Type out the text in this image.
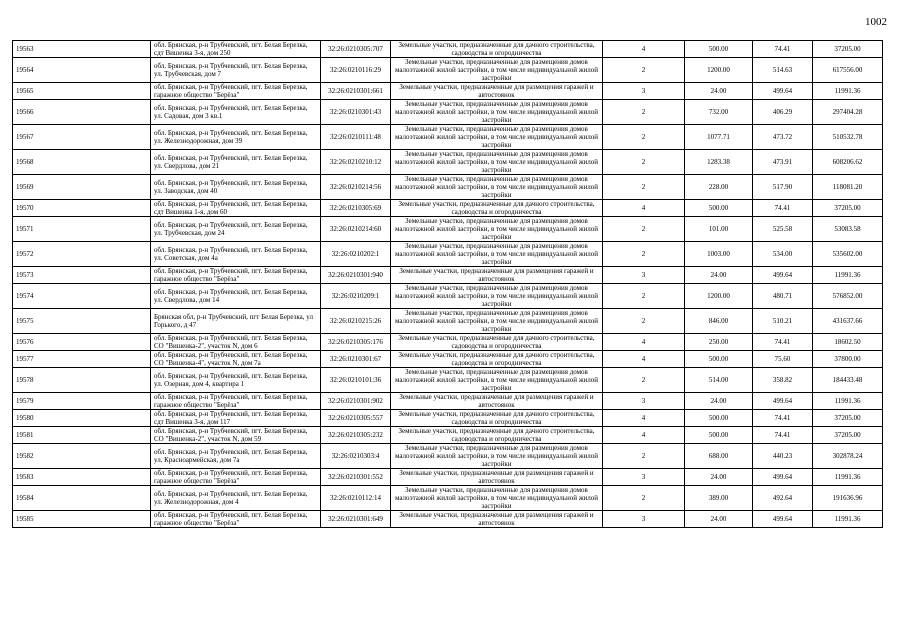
1002
19563	обл. Брянская, р-н Трубчевский, пгт. Белая Березка, сдт Вишенка 3-я, дом 250	32:26:0210305:707	Земельные участки, предназначенные для дачного строительства, садоводства и огородничества	4	500.00	74.41	37205.00
19564	обл. Брянская, р-н Трубчевский, пгт. Белая Березка, ул. Трубчевская, дом 7	32:26:0210116:29	Земельные участки, предназначенные для размещения домов малоэтажной жилой застройки, в том числе индивидуальной жилой застройки	2	1200.00	514.63	617556.00
19565	обл. Брянская, р-н Трубчевский, пгт. Белая Березка, гаражное общество "Берёза"	32:26:0210301:661	Земельные участки, предназначенные для размещения гаражей и автостоянок	3	24.00	499.64	11991.36
19566	обл. Брянская, р-н Трубчевский, пгт. Белая Березка, ул. Садовая, дом 3 кв.1	32:26:0210301:43	Земельные участки, предназначенные для размещения домов малоэтажной жилой застройки, в том числе индивидуальной жилой застройки	2	732.00	406.29	297404.28
19567	обл. Брянская, р-н Трубчевский, пгт. Белая Березка, ул. Железнодорожная, дом 39	32:26:0210111:48	Земельные участки, предназначенные для размещения домов малоэтажной жилой застройки, в том числе индивидуальной жилой застройки	2	1077.71	473.72	510532.78
19568	обл. Брянская, р-н Трубчевский, пгт. Белая Березка, ул. Свердлова, дом 21	32:26:0210210:12	Земельные участки, предназначенные для размещения домов малоэтажной жилой застройки, в том числе индивидуальной жилой застройки	2	1283.38	473.91	608206.62
19569	обл. Брянская, р-н Трубчевский, пгт. Белая Березка, ул. Заводская, дом 40	32:26:0210214:56	Земельные участки, предназначенные для размещения домов малоэтажной жилой застройки, в том числе индивидуальной жилой застройки	2	228.00	517.90	118081.20
19570	обл. Брянская, р-н Трубчевский, пгт. Белая Березка, сдт Вишенка 1-я, дом 60	32:26:0210305:69	Земельные участки, предназначенные для дачного строительства, садоводства и огородничества	4	500.00	74.41	37205.00
19571	обл. Брянская, р-н Трубчевский, пгт. Белая Березка, ул. Трубчевская, дом 24	32:26:0210214:60	Земельные участки, предназначенные для размещения домов малоэтажной жилой застройки, в том числе индивидуальной жилой застройки	2	101.00	525.58	53083.58
19572	обл. Брянская, р-н Трубчевский, пгт. Белая Березка, ул. Советская, дом 4а	32:26:0210202:1	Земельные участки, предназначенные для размещения домов малоэтажной жилой застройки, в том числе индивидуальной жилой застройки	2	1003.00	534.00	535602.00
19573	обл. Брянская, р-н Трубчевский, пгт. Белая Березка, гаражное общество "Берёза"	32:26:0210301:940	Земельные участки, предназначенные для размещения гаражей и автостоянок	3	24.00	499.64	11991.36
19574	обл. Брянская, р-н Трубчевский, пгт. Белая Березка, ул. Свердлова, дом 14	32:26:0210209:1	Земельные участки, предназначенные для размещения домов малоэтажной жилой застройки, в том числе индивидуальной жилой застройки	2	1200.00	480.71	576852.00
19575	Брянская обл, р-н Трубчевский, пгт Белая Березка, ул Горького, д 47	32:26:0210215:26	Земельные участки, предназначенные для размещения домов малоэтажной жилой застройки, в том числе индивидуальной жилой застройки	2	846.00	510.21	431637.66
19576	обл. Брянская, р-н Трубчевский, пгт. Белая Березка, СО "Вишенка-2", участок N, дом 6	32:26:0210305:176	Земельные участки, предназначенные для дачного строительства, садоводства и огородничества	4	250.00	74.41	18602.50
19577	обл. Брянская, р-н Трубчевский, пгт. Белая Березка, СО "Вишенка-4", участок N, дом 7а	32:26:0210301:67	Земельные участки, предназначенные для дачного строительства, садоводства и огородничества	4	500.00	75.60	37800.00
19578	обл. Брянская, р-н Трубчевский, пгт. Белая Березка, ул. Озерная, дом 4, квартира 1	32:26:0210101:36	Земельные участки, предназначенные для размещения домов малоэтажной жилой застройки, в том числе индивидуальной жилой застройки	2	514.00	358.82	184433.48
19579	обл. Брянская, р-н Трубчевский, пгт. Белая Березка, гаражное общество "Берёза"	32:26:0210301:902	Земельные участки, предназначенные для размещения гаражей и автостоянок	3	24.00	499.64	11991.36
19580	обл. Брянская, р-н Трубчевский, пгт. Белая Березка, сдт Вишенка 3-я, дом 117	32:26:0210305:557	Земельные участки, предназначенные для дачного строительства, садоводства и огородничества	4	500.00	74.41	37205.00
19581	обл. Брянская, р-н Трубчевский, пгт. Белая Березка, СО "Вишенка-2", участок N, дом 59	32:26:0210305:232	Земельные участки, предназначенные для дачного строительства, садоводства и огородничества	4	500.00	74.41	37205.00
19582	обл. Брянская, р-н Трубчевский, пгт. Белая Березка, ул. Красноармейская, дом 7а	32:26:0210303:4	Земельные участки, предназначенные для размещения домов малоэтажной жилой застройки, в том числе индивидуальной жилой застройки	2	688.00	440.23	302878.24
19583	обл. Брянская, р-н Трубчевский, пгт. Белая Березка, гаражное общество "Берёза"	32:26:0210301:552	Земельные участки, предназначенные для размещения гаражей и автостоянок	3	24.00	499.64	11991.36
19584	обл. Брянская, р-н Трубчевский, пгт. Белая Березка, ул. Железнодорожная, дом 4	32:26:0210112:14	Земельные участки, предназначенные для размещения домов малоэтажной жилой застройки, в том числе индивидуальной жилой застройки	2	389.00	492.64	191636.96
19585	обл. Брянская, р-н Трубчевский, пгт. Белая Березка, гаражное общество "Берёза"	32:26:0210301:649	Земельные участки, предназначенные для размещения гаражей и автостоянок	3	24.00	499.64	11991.36
